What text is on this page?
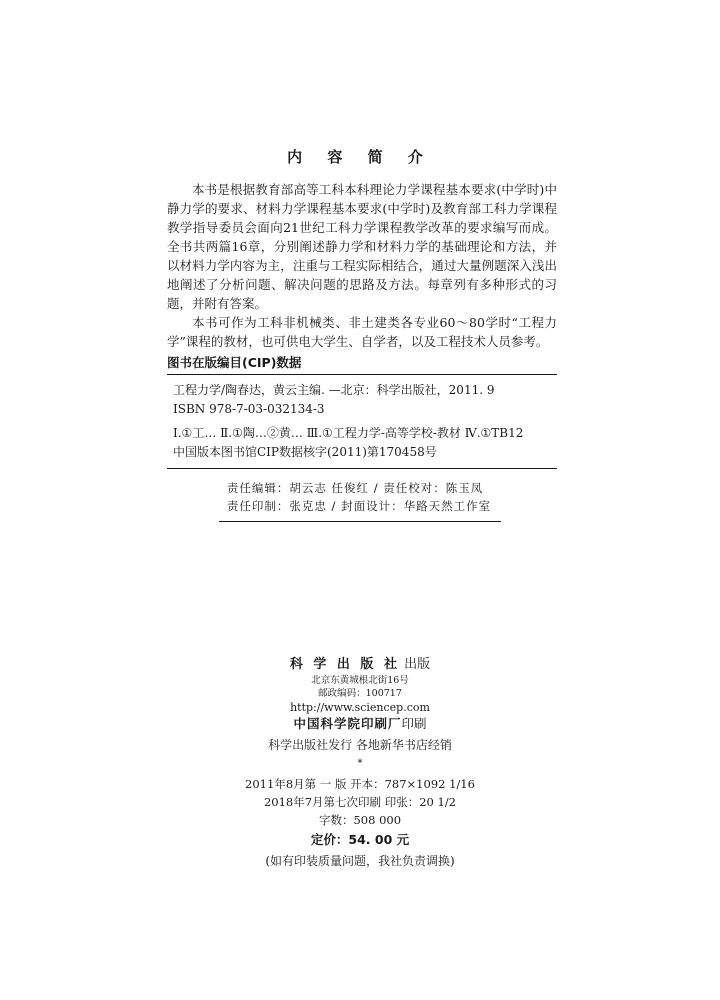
内 容 简 介

本书是根据教育部高等工科本科理论力学课程基本要求(中学时)中静力学的要求、材料力学课程基本要求(中学时)及教育部工科力学课程教学指导委员会面向21世纪工科力学课程教学改革的要求编写而成。全书共两篇16章，分别阐述静力学和材料力学的基础理论和方法，并以材料力学内容为主，注重与工程实际相结合，通过大量例题深入浅出地阐述了分析问题、解决问题的思路及方法。每章列有多种形式的习题，并附有答案。

本书可作为工科非机械类、非土建类各专业60～80学时“工程力学”课程的教材，也可供电大学生、自学者，以及工程技术人员参考。

图书在版编目(CIP)数据
工程力学/陶春达，黄云主编. —北京：科学出版社，2011. 9
ISBN 978-7-03-032134-3
Ⅰ.①工… Ⅱ.①陶…②黄… Ⅲ.①工程力学-高等学校-教材 Ⅳ.①TB12
中国版本图书馆CIP数据核字(2011)第170458号
责任编辑：胡云志 任俊红 / 责任校对：陈玉凤
责任印制：张克忠 / 封面设计：华路天然工作室
科 学 出 版 社 出版
北京东黄城根北街16号
邮政编码：100717
http://www.sciencep.com
中国科学院印刷厂印刷
科学出版社发行 各地新华书店经销
*
2011年8月第 一 版 开本：787×1092 1/16
2018年7月第七次印刷 印张：20 1/2
字数：508 000
定价：54. 00 元
(如有印装质量问题，我社负责调换)
